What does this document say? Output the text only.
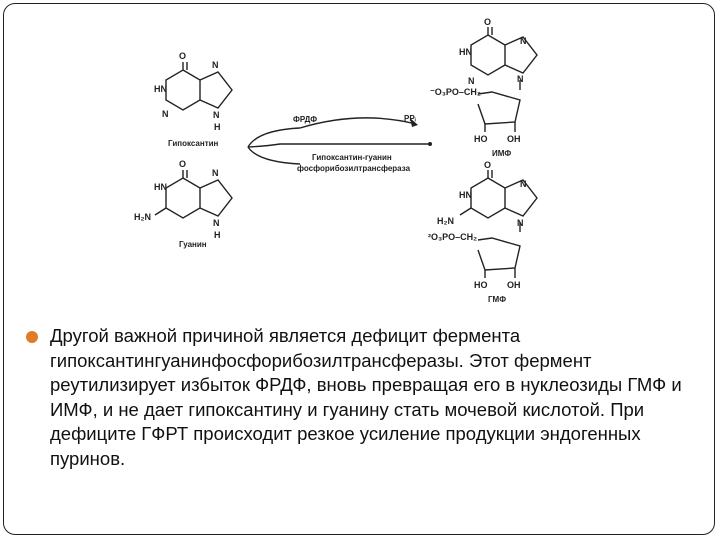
O
HN
N
N
N
H
Гипоксантин
O
HN
H₂N
N
N
H
Гуанин
ФРДФ	PPᵢ
Гипоксантин-гуанин
фосфорибозилтрансфераза
O
HN
N
N
N
⁻O₃PO–CH₂
HO OH
ИМФ
O
HN
H₂N
N
N
²O₃PO–CH₂
HO OH
ГМФ
Другой важной причиной является дефицит фермента гипоксантингуанинфосфорибозилтрансферазы. Этот фермент реутилизирует избыток ФРДФ, вновь превращая его в нуклеозиды ГМФ и ИМФ, и не дает гипоксантину и гуанину стать мочевой кислотой. При дефиците ГФРТ происходит резкое усиление продукции эндогенных пуринов.
